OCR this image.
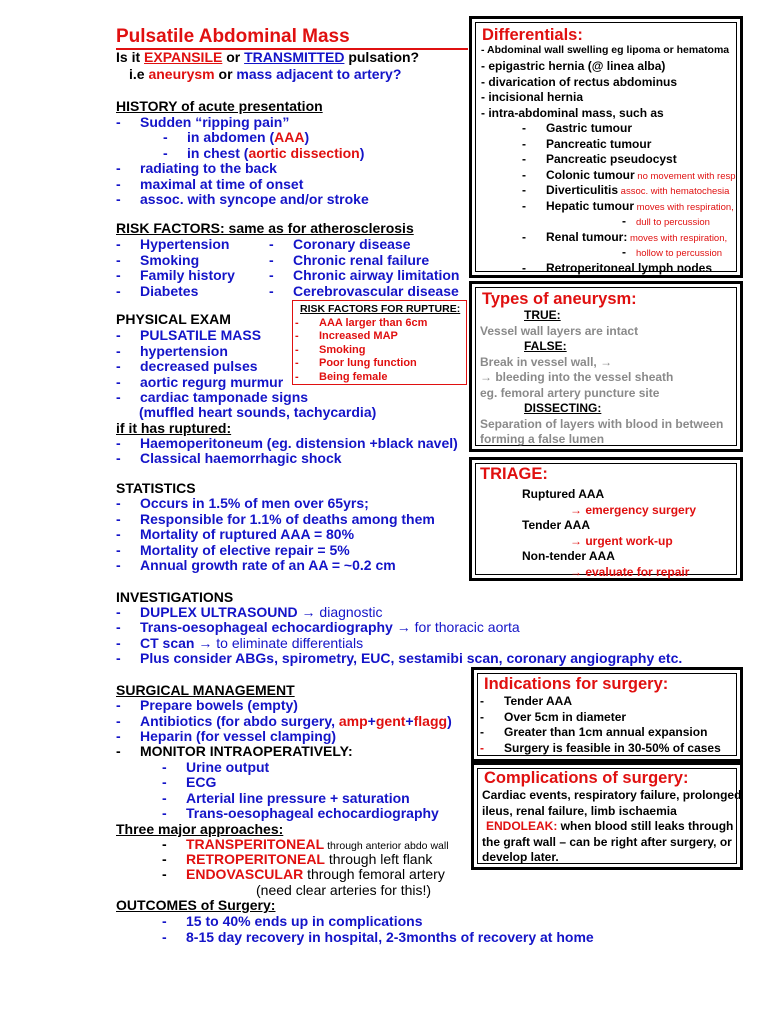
Pulsatile Abdominal Mass
Is it EXPANSILE or TRANSMITTED pulsation?
i.e aneurysm or mass adjacent to artery?
HISTORY of acute presentation
- Sudden “ripping pain”
- in abdomen (AAA)
- in chest (aortic dissection)
- radiating to the back
- maximal at time of onset
- assoc. with syncope and/or stroke
RISK FACTORS: same as for atherosclerosis
- Hypertension
- Smoking
- Family history
- Diabetes
- Coronary disease
- Chronic renal failure
- Chronic airway limitation
- Cerebrovascular disease
RISK FACTORS FOR RUPTURE:
- AAA larger than 6cm
- Increased MAP
- Smoking
- Poor lung function
- Being female
PHYSICAL EXAM
- PULSATILE MASS
- hypertension
- decreased pulses
- aortic regurg murmur
- cardiac tamponade signs
(muffled heart sounds, tachycardia)
if it has ruptured:
- Haemoperitoneum (eg. distension +black navel)
- Classical haemorrhagic shock
STATISTICS
- Occurs in 1.5% of men over 65yrs;
- Responsible for 1.1% of deaths among them
- Mortality of ruptured AAA = 80%
- Mortality of elective repair = 5%
- Annual growth rate of an AA = ~0.2 cm
INVESTIGATIONS
- DUPLEX ULTRASOUND → diagnostic
- Trans-oesophageal echocardiography → for thoracic aorta
- CT scan → to eliminate differentials
- Plus consider ABGs, spirometry, EUC, sestamibi scan, coronary angiography etc.
SURGICAL MANAGEMENT
- Prepare bowels (empty)
- Antibiotics (for abdo surgery, amp+gent+flagg)
- Heparin (for vessel clamping)
- MONITOR INTRAOPERATIVELY:
- Urine output
- ECG
- Arterial line pressure + saturation
- Trans-oesophageal echocardiography
Three major approaches:
- TRANSPERITONEAL through anterior abdo wall
- RETROPERITONEAL through left flank
- ENDOVASCULAR through femoral artery
(need clear arteries for this!)
OUTCOMES of Surgery:
- 15 to 40% ends up in complications
- 8-15 day recovery in hospital, 2-3months of recovery at home
Differentials:
- Abdominal wall swelling eg lipoma or hematoma
- epigastric hernia (@ linea alba)
- divarication of rectus abdominus
- incisional hernia
- intra-abdominal mass, such as
- Gastric tumour
- Pancreatic tumour
- Pancreatic pseudocyst
- Colonic tumour no movement with resp
- Diverticulitis assoc. with hematochesia
- Hepatic tumour moves with respiration,
- dull to percussion
- Renal tumour: moves with respiration,
- hollow to percussion
- Retroperitoneal lymph nodes
Types of aneurysm:
TRUE:
Vessel wall layers are intact
FALSE:
Break in vessel wall, →
→ bleeding into the vessel sheath
eg. femoral artery puncture site
DISSECTING:
Separation of layers with blood in between
forming a false lumen
TRIAGE:
Ruptured AAA
→ emergency surgery
Tender AAA
→ urgent work-up
Non-tender AAA
→ evaluate for repair
Indications for surgery:
- Tender AAA
- Over 5cm in diameter
- Greater than 1cm annual expansion
- Surgery is feasible in 30-50% of cases
Complications of surgery:
Cardiac events, respiratory failure, prolonged
ileus, renal failure, limb ischaemia
ENDOLEAK: when blood still leaks through
the graft wall – can be right after surgery, or
develop later.
